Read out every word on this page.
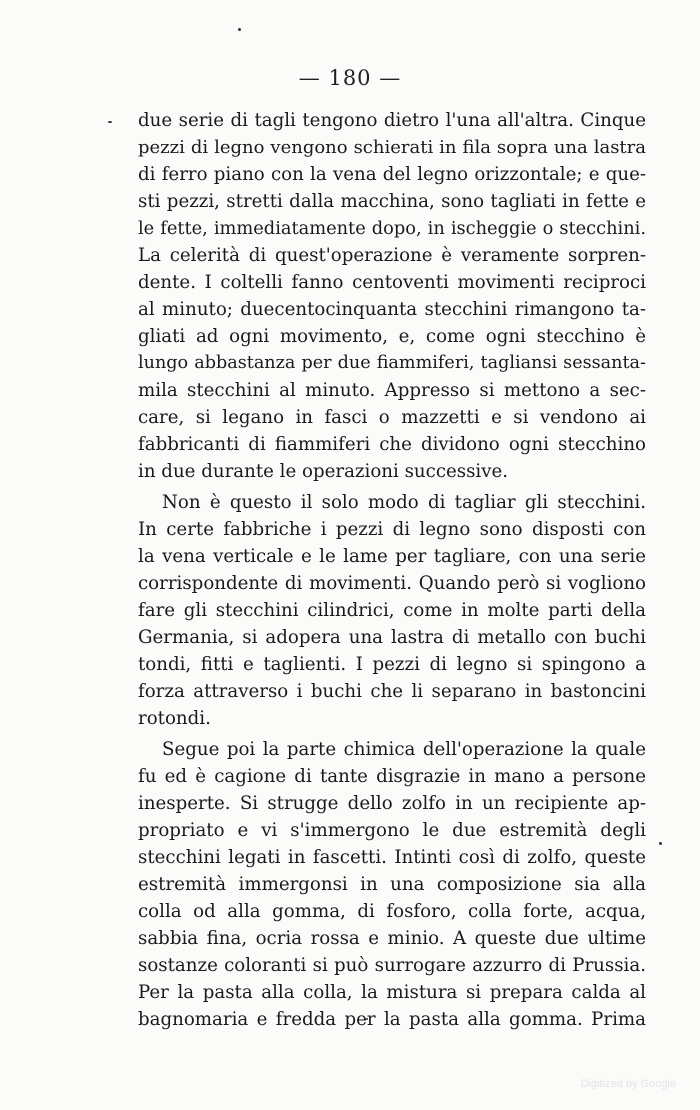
— 180 —
due serie di tagli tengono dietro l'una all'altra. Cinque
pezzi di legno vengono schierati in fila sopra una lastra
di ferro piano con la vena del legno orizzontale; e que-
sti pezzi, stretti dalla macchina, sono tagliati in fette e
le fette, immediatamente dopo, in ischeggie o stecchini.
La celerità di quest'operazione è veramente sorpren-
dente. I coltelli fanno centoventi movimenti reciproci
al minuto; duecentocinquanta stecchini rimangono ta-
gliati ad ogni movimento, e, come ogni stecchino è
lungo abbastanza per due fiammiferi, tagliansi sessanta-
mila stecchini al minuto. Appresso si mettono a sec-
care, si legano in fasci o mazzetti e si vendono ai
fabbricanti di fiammiferi che dividono ogni stecchino
in due durante le operazioni successive.
Non è questo il solo modo di tagliar gli stecchini.
In certe fabbriche i pezzi di legno sono disposti con
la vena verticale e le lame per tagliare, con una serie
corrispondente di movimenti. Quando però si vogliono
fare gli stecchini cilindrici, come in molte parti della
Germania, si adopera una lastra di metallo con buchi
tondi, fitti e taglienti. I pezzi di legno si spingono a
forza attraverso i buchi che li separano in bastoncini
rotondi.
Segue poi la parte chimica dell'operazione la quale
fu ed è cagione di tante disgrazie in mano a persone
inesperte. Si strugge dello zolfo in un recipiente ap-
propriato e vi s'immergono le due estremità degli
stecchini legati in fascetti. Intinti così di zolfo, queste
estremità immergonsi in una composizione sia alla
colla od alla gomma, di fosforo, colla forte, acqua,
sabbia fina, ocria rossa e minio. A queste due ultime
sostanze coloranti si può surrogare azzurro di Prussia.
Per la pasta alla colla, la mistura si prepara calda al
bagnomaria e fredda per la pasta alla gomma. Prima
Digitized by Google
